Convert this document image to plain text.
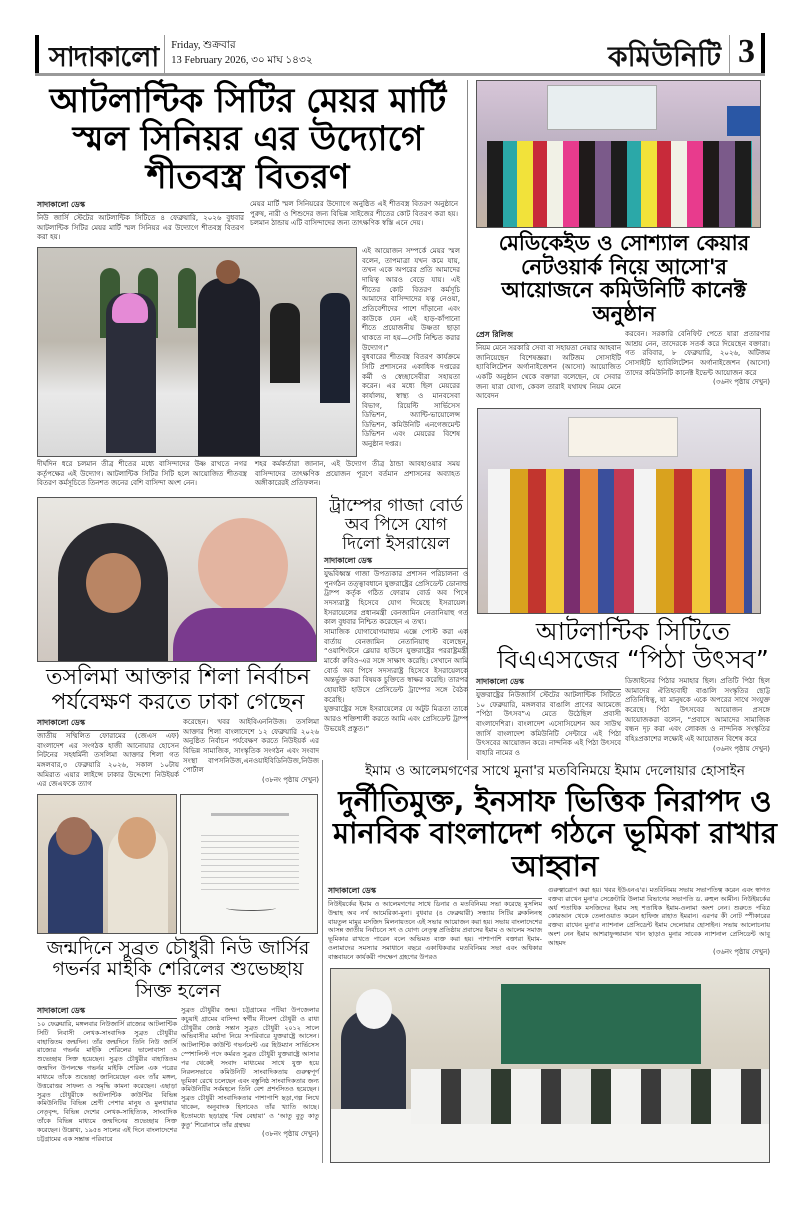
সাদাকালো	Friday, শুক্রবার
13 February 2026, ৩০ মাঘ ১৪৩২	কমিউনিটি 3
আটলান্টিক সিটির মেয়র মার্টি স্মল সিনিয়র এর উদ্যোগে শীতবস্ত্র বিতরণ
সাদাকালো ডেস্ক
নিউ জার্সি স্টেটের আটলান্টিক সিটিতে ৪ ফেব্রুয়ারি, ২০২৬ বুধবার আটলান্টিক সিটির মেয়র মার্টি স্মল সিনিয়র এর উদ্যোগে শীতবস্ত্র বিতরণ করা হয়।
মেয়র মার্টি স্মল সিনিয়রের উদ্যোগে অনুষ্ঠিত এই শীতবস্ত্র বিতরণ অনুষ্ঠানে পুরুষ, নারী ও শিশুদের জন্য বিভিন্ন সাইজের শীতের কোট বিতরণ করা হয়। চলমান ঠান্ডায় এটি বাসিন্দাদের জন্য তাৎক্ষণিক স্বস্তি এনে দেয়।
এই আয়োজন সম্পর্কে মেয়র স্মল বলেন, তাপমাত্রা যখন কমে যায়, তখন একে অপরের প্রতি আমাদের দায়িত্ব আরও বেড়ে যায়। এই শীতের কোট বিতরণ কর্মসূচি আমাদের বাসিন্দাদের যত্ন নেওয়া, প্রতিবেশীদের পাশে দাঁড়ানো এবং কাউকে যেন এই হাড়-কাঁপানো শীতে প্রয়োজনীয় উষ্ণতা ছাড়া থাকতে না হয়—সেটি নিশ্চিত করার উদ্যোগ।”
বুধবারের শীতবস্ত্র বিতরণ কার্যক্রমে সিটি প্রশাসনের একাধিক দপ্তরের কর্মী ও স্বেচ্ছাসেবীরা সহায়তা করেন। এর মধ্যে ছিল মেয়রের কার্যালয়, স্বাস্থ্য ও মানবসেবা বিভাগ, রিয়েল্টি সার্ভিসেস ডিভিশন, অ্যান্টি-ভায়োলেন্স ডিভিশন, কমিউনিটি এনগেজমেন্ট ডিভিশন এবং মেয়রের বিশেষ অনুষ্ঠান দপ্তর।
দীর্ঘদিন ধরে চলমান তীব্র শীতের মধ্যে বাসিন্দাদের উষ্ণ রাখতে নগর কর্তৃপক্ষের এই উদ্যোগ। আটলান্টিক সিটির সিটি হলে আয়োজিত শীতবস্ত্র বিতরণ কর্মসূচিতে তিনশত জনের বেশি বাসিন্দা অংশ নেন।
শহর কর্মকর্তারা জানান, এই উদ্যোগ তীব্র ঠান্ডা আবহাওয়ার সময় বাসিন্দাদের তাৎক্ষণিক প্রয়োজন পূরণে বর্তমান প্রশাসনের অব্যাহত অঙ্গীকারেরই প্রতিফলন।
মেডিকেইড ও সোশ্যাল কেয়ার নেটওয়ার্ক নিয়ে আসো'র আয়োজনে কমিউনিটি কানেক্ট অনুষ্ঠান
প্রেস রিলিজ
নিয়ম মেনে সরকারি সেবা বা সহায়তা নেয়ার আহবান জানিয়েছেন বিশেষজ্ঞরা। অটিজম সোসাইটি হ্যাবিলিটেশন অর্গানাইজেশন (আসো) আয়োজিত একটি অনুষ্ঠান থেকে বক্তারা বলেছেন, যে সেবার জন্য যারা যোগ্য, কেবল তারাই যথাযথ নিয়ম মেনে আবেদন
করবেন। সরকারি বেনিফিট পেতে যারা প্রতারণার আশ্রয় নেন, তাদেরকে সতর্ক করে দিয়েছেন বক্তারা। গত রবিবার, ৮ ফেব্রুয়ারি, ২০২৬, অটিজম সোসাইটি হ্যাবিলিটেশন অর্গানাইজেশন (আসো) তাদের কমিউনিটি কানেক্ট ইভেন্ট আয়োজন করে
(৩৬নং পৃষ্ঠায় দেখুন)
আটলান্টিক সিটিতে বিএএসজের “পিঠা উৎসব”
সাদাকালো ডেস্ক
যুক্তরাষ্ট্রের নিউজার্সি স্টেটের আটলান্টিক সিটিতে ১০ ফেব্রুয়ারি, মঙ্গলবার বাঙালি প্রাণের আমেজে “পিঠা উৎসব”এ মেতে উঠেছিল প্রবাসী বাংলাদেশিরা। বাংলাদেশ এসোসিয়েশন অব সাউথ জার্সি বাংলাদেশ কমিউনিটি সেন্টারে এই পিঠা উৎসবের আয়োজন করে। নান্দনিক এই পিঠা উৎসবে বাহারি নামের ও
ডিজাইনের পিঠার সমাহার ছিল। প্রতিটি পিঠা ছিল আমাদের ঐতিহ্যবাহী বাঙালি সংস্কৃতির ছোট্ট প্রতিনিধিত্ব, যা মানুষকে একে অপরের সাথে সংযুক্ত করেছে। পিঠা উৎসবের আয়োজন প্রসঙ্গে আয়োজকরা বলেন, “প্রবাসে আমাদের সামাজিক বন্ধন দৃঢ় করা এবং লোকজ ও নান্দনিক সংস্কৃতির বহিঃপ্রকাশের লক্ষ্যেই এই আয়োজন বিশেষ করে
(৩৬নং পৃষ্ঠায় দেখুন)
ট্রাম্পের গাজা বোর্ড অব পিসে যোগ দিলো ইসরায়েল
সাদাকালো ডেস্ক
যুদ্ধবিধ্বস্ত গাজা উপত্যকার প্রশাসন পরিচালনা ও পুনর্গঠন তত্ত্বাবধানে যুক্তরাষ্ট্রের প্রেসিডেন্ট ডোনাল্ড ট্রাম্প কর্তৃক গঠিত ফোরাম বোর্ড অব পিসে সদস্যরাষ্ট্র হিসেবে যোগ দিয়েছে ইসরায়েল। ইসরায়েলের প্রধানমন্ত্রী বেনজামিন নেতানিয়াহু গত কাল বুধবার নিশ্চিত করেছেন এ তথ্য।
সামাজিক যোগাযোগমাধ্যম এক্সে পোস্ট করা এক বার্তায় বেনজামিন নেতানিয়াহু বলেছেন, “ওয়াশিংটনে ব্লেয়ার হাউসে যুক্তরাষ্ট্রের পররাষ্ট্রমন্ত্রী মার্কো রুবিও-এর সঙ্গে সাক্ষাৎ করেছি। সেখানে আমি বোর্ড অব পিসে সদস্যরাষ্ট্র হিসেবে ইসরায়েলকে অন্তর্ভুক্ত করা বিষয়ক চুক্তিতে স্বাক্ষর করেছি। তারপর হোয়াইট হাউসে প্রেসিডেন্ট ট্রাম্পের সঙ্গে বৈঠক করেছি।
যুক্তরাষ্ট্রের সঙ্গে ইসরায়েলের যে অটুট মিত্রতা তাকে আরও শক্তিশালী করতে আমি এবং প্রেসিডেন্ট ট্রাম্প উভয়েই প্রস্তুত।”
তসলিমা আক্তার শিলা নির্বাচন পর্যবেক্ষণ করতে ঢাকা গেছেন
সাদাকালো ডেস্ক
জাতীয় সম্মিলিত ফোরামের (জেএস এফ) বাংলাদেশ এর সংগঠক হাজী আনোয়ার হোসেন নিটনের সহধর্মিনী তসলিমা আক্তার শিলা গত মঙ্গলবার,৩ ফেব্রুয়ারি ২০২৬, সকাল ১০টায় অমিরাত এয়ার লাইন্সে ঢাকার উদ্দেশ্যে নিউইয়র্ক এর জেএফকে ত্যাগ
করেছেন। খবর আইবিএননিউজ। তসলিমা আক্তার শিলা বাংলাদেশে ১২ ফেব্রুয়ারি ২০২৬ অনুষ্ঠিত নির্বাচন পর্যবেক্ষণ করতে নিউইয়র্ক এর বিভিন্ন সামাজিক, সাংস্কৃতিক সংগঠন এবং সংবাদ সংস্থা বাপসনিউজ,এনওয়াইবিডিনিউজ,নিউজ পোর্টাল
(৩৮নং পৃষ্ঠায় দেখুন)
জন্মদিনে সুব্রত চৌধুরী নিউ জার্সির গভর্নর মাইকি শেরিলের শুভেচ্ছায় সিক্ত হলেন
সাদাকালো ডেস্ক
১০ ফেব্রুয়ারি, মঙ্গলবার নিউজার্সি রাজ্যের আটলান্টিক সিটি নিবাসী লেখক-সাংবাদিক সুব্রত চৌধুরীর বাহাত্তিতম জন্মদিন। তাঁর জন্মদিনে তিনি নিউ জার্সি রাজ্যের গভর্নর মাইকি শেরিলের ভালোবাসা ও শুভেচ্ছায় সিক্ত হয়েছেন। সুব্রত চৌধুরীর বাহাত্তিতম জন্মদিন উপলক্ষে গভর্নর মাইকি শেরিল এক পত্রের মাধ্যমে তাঁকে শুভেচ্ছা জানিয়েছেন এবং তাঁর মঙ্গল, উত্তরোত্তর সাফল্য ও সমৃদ্ধি কামনা করেছেন। এছাড়া সুব্রত চৌধুরীকে আটলান্টিক কাউন্টির বিভিন্ন কমিউনিটির বিভিন্ন শ্রেণী পেশার মানুষ ও মুলধারার নেতৃবৃন্দ, বিভিন্ন দেশের লেখক-সাহিত্যিক, সাংবাদিক তাঁকে বিভিন্ন মাধ্যমে জন্মদিনের শুভেচ্ছায় সিক্ত করেছেন। উল্লেখ্য, ১৯৫৪ সালের এই দিনে বাংলাদেশের চট্টগ্রামের এক সম্ভ্রান্ত পরিবারে
সুব্রত চৌধুরীর জন্ম। চট্টগ্রামের পটিয়া উপজেলার কচুয়াই গ্রামের বাসিন্দা স্বর্গীয় নীলেশ চৌধুরী ও রাধা চৌধুরীর জ্যেষ্ঠ সন্তান সুব্রত চৌধুরী ২০১২ সালে অভিবাসীর মর্যাদা নিয়ে সপরিবারে যুক্তরাষ্ট্রে আসেন। আটলান্টিক কাউন্টি গভর্নমেন্ট এর হিউম্যান সার্ভিসেস স্পেশালিস্ট পদে কর্মরত সুব্রত চৌধুরী যুক্তরাষ্ট্রে আসার পর থেকেই সংবাদ মাধ্যমের সাথে যুক্ত হয়ে নিরলসভাবে কমিউনিটি সাংবাদিকতায় গুরুত্বপূর্ণ ভূমিকা রেখে চলেছেন এবং বস্তুনিষ্ঠ সাংবাদিকতার জন্য কমিউনিটির সর্বমহলে তিনি বেশ প্রশংসিতও হয়েছেন। সুব্রত চৌধুরী সাংবাদিকতার পাশাপাশি ছড়া,গল্প লিখে থাকেন, অনুবাদক হিসাবেও তাঁর খ্যাতি আছে। ইতোমধ্যে ছড়াগ্রন্থ ‘বিশ্ব বেহায়া’ ও ‘আতু বুতু কাতু কুতু’ শিরোনামে তাঁর গ্রন্থদ্বয়
(৩৮নং পৃষ্ঠায় দেখুন)
ইমাম ও আলেমগণের সাথে মুনা'র মতবিনিময়ে ইমাম দেলোয়ার হোসাইন
দুর্নীতিমুক্ত, ইনসাফ ভিত্তিক নিরাপদ ও মানবিক বাংলাদেশ গঠনে ভূমিকা রাখার আহ্বান
সাদাকালো ডেস্ক
নিউইয়র্কের ইমাম ও আলেমগণের সাথে ডিনার ও মতবিনিময় সভা করেছে মুসলিম উম্মাহ অব নর্থ আমেরিকা-মুনা। বুধবার (৪ ফেব্রুয়ারী) সন্ধ্যায় সিটির ব্রুকলিনস্থ বায়তুল মামুর মসজিদ মিলনায়তনে এই সভার আয়োজন করা হয়। সভায় বাংলাদেশের আসন্ন জাতীয় নির্বাচনে সৎ ও যোগ্য নেতৃত্ব প্রতিষ্ঠায় প্রবাসের ইমাম ও আলেম সমাজ ভূমিকার রাখতে পারেন বলে অভিমত ব্যক্ত করা হয়। পাশাপাশি বক্তারা ইমাম-ওলামাদের সমস্যার সমাধানে বছরে একাধিকবার মতবিনিময় সভা এবং অধিকার বাস্তবায়নে কার্যকরী পদক্ষেপ গ্রহণের উপরও
গুরুত্বারোপ করা হয়। খবর ইউএনএ'র। মতবিনিময় সভায় সভাপতিত্ব করেন এবং স্বাগত বক্তব্য রাখেন মুনা'র সেক্রেটারি উলামা বিভাগের সভাপতি ড. রুহুল আমীন। নিউইয়র্কের অর্ধ শতাধিক মসজিদের ইমাম সহ শতাধিক ইমাম-ওলামা অংশ নেন। শুরুতে পবিত্র কোরআন থেকে তেলাওয়াত করেন হাফিজ রাহাত ইমরান। এরপর কী নোট স্পীকারের বক্তব্য রাখেন মুনা'র ন্যাশনাল প্রেসিডেন্ট ইমাম দেলোয়ার হোসাইন। সভায় আলোচনায় অংশ নেন ইমাম আশরাফুজ্জামান খান ছাড়াও মুনার সাবেক ন্যাশনাল প্রেসিডেন্ট আবু আহমদ
(৩৬নং পৃষ্ঠায় দেখুন)
